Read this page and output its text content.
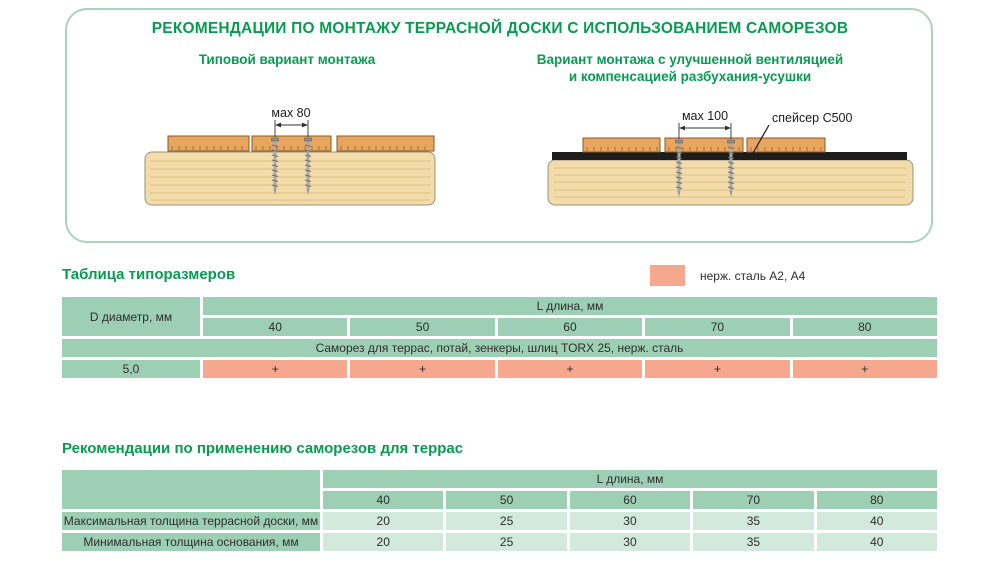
РЕКОМЕНДАЦИИ ПО МОНТАЖУ ТЕРРАСНОЙ ДОСКИ С ИСПОЛЬЗОВАНИЕМ САМОРЕЗОВ
Типовой вариант монтажа	Вариант монтажа с улучшенной вентиляцией
и компенсацией разбухания-усушки
мах 80	мах 100	спейсер С500
Таблица типоразмеров	нерж. сталь А2, А4
D диаметр, мм	L длина, мм				
	40	50	60	70	80
Саморез для террас, потай, зенкеры, шлиц TORX 25, нерж. сталь					
5,0	+	+	+	+	+
Рекомендации по применению саморезов для террас
	L длина, мм				
	40	50	60	70	80
Максимальная толщина террасной доски, мм	20	25	30	35	40
Минимальная толщина основания, мм	20	25	30	35	40
